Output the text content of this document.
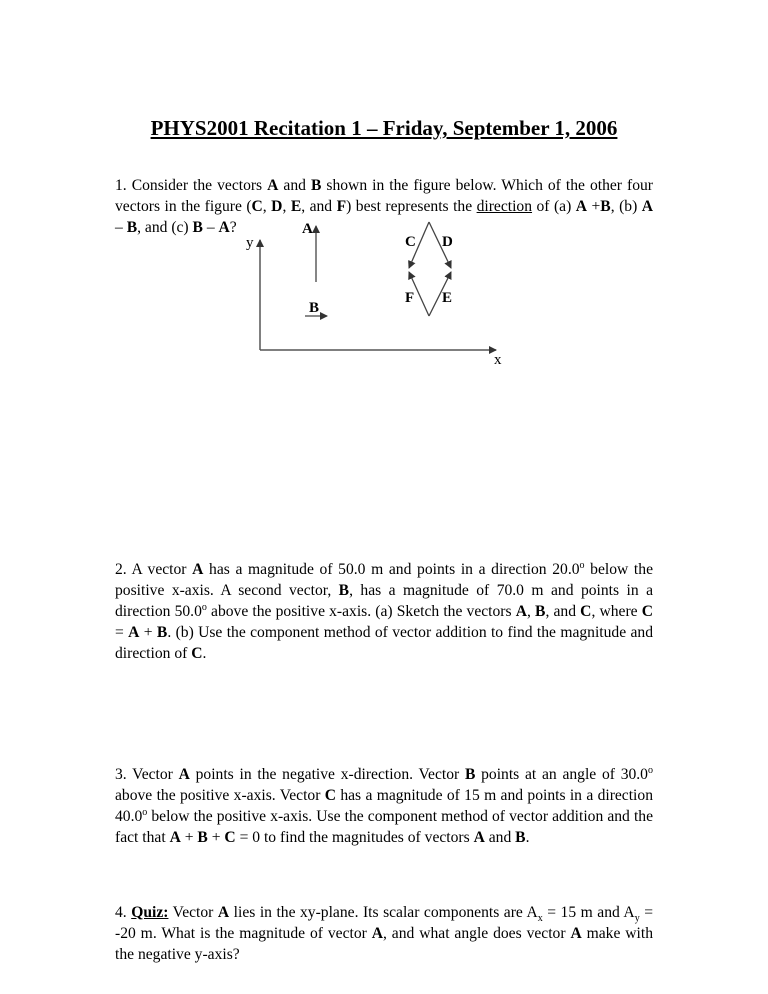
PHYS2001 Recitation 1 – Friday, September 1, 2006
1. Consider the vectors A and B shown in the figure below. Which of the other four vectors in the figure (C, D, E, and F) best represents the direction of (a) A +B, (b) A – B, and (c) B – A?
y
x
A
B
C D
F E
2. A vector A has a magnitude of 50.0 m and points in a direction 20.0$^o$ below the positive x-axis. A second vector, B, has a magnitude of 70.0 m and points in a direction 50.0$^o$ above the positive x-axis. (a) Sketch the vectors A, B, and C, where C = A + B. (b) Use the component method of vector addition to find the magnitude and direction of C.
3. Vector A points in the negative x-direction. Vector B points at an angle of 30.0$^o$ above the positive x-axis. Vector C has a magnitude of 15 m and points in a direction 40.0$^o$ below the positive x-axis. Use the component method of vector addition and the fact that A + B + C = 0 to find the magnitudes of vectors A and B.
4. Quiz: Vector A lies in the xy-plane. Its scalar components are $A_x = 15$ m and $A_y = -20$ m. What is the magnitude of vector A, and what angle does vector A make with the negative y-axis?
